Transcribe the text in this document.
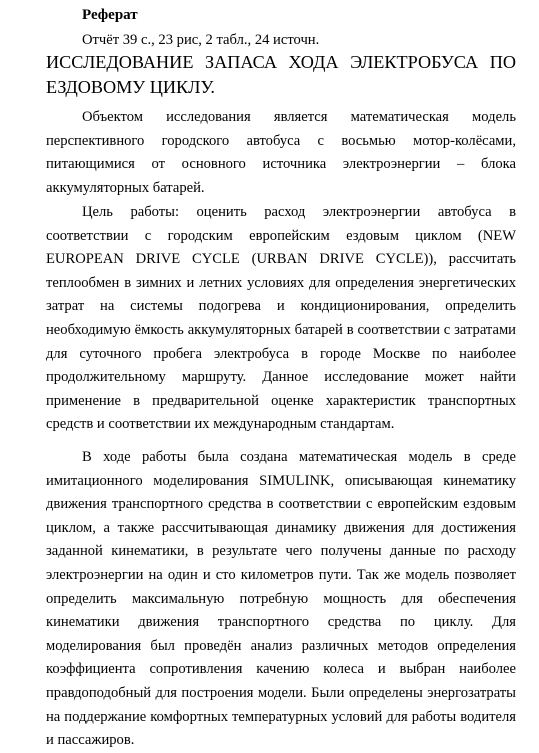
Реферат
Отчёт 39 с., 23 рис, 2 табл., 24 источн.
ИССЛЕДОВАНИЕ ЗАПАСА ХОДА ЭЛЕКТРОБУСА ПО ЕЗДОВОМУ ЦИКЛУ.

Объектом исследования является математическая модель перспективного городского автобуса с восьмью мотор-колёсами, питающимися от основного источника электроэнергии – блока аккумуляторных батарей.

Цель работы: оценить расход электроэнергии автобуса в соответствии с городским европейским ездовым циклом (NEW EUROPEAN DRIVE CYCLE (URBAN DRIVE CYCLE)), рассчитать теплообмен в зимних и летних условиях для определения энергетических затрат на системы подогрева и кондиционирования, определить необходимую ёмкость аккумуляторных батарей в соответствии с затратами для суточного пробега электробуса в городе Москве по наиболее продолжительному маршруту. Данное исследование может найти применение в предварительной оценке характеристик транспортных средств и соответствии их международным стандартам.

В ходе работы была создана математическая модель в среде имитационного моделирования SIMULINK, описывающая кинематику движения транспортного средства в соответствии с европейским ездовым циклом, а также рассчитывающая динамику движения для достижения заданной кинематики, в результате чего получены данные по расходу электроэнергии на один и сто километров пути. Так же модель позволяет определить максимальную потребную мощность для обеспечения кинематики движения транспортного средства по циклу. Для моделирования был проведён анализ различных методов определения коэффициента сопротивления качению колеса и выбран наиболее правдоподобный для построения модели. Были определены энергозатраты на поддержание комфортных температурных условий для работы водителя и пассажиров.
